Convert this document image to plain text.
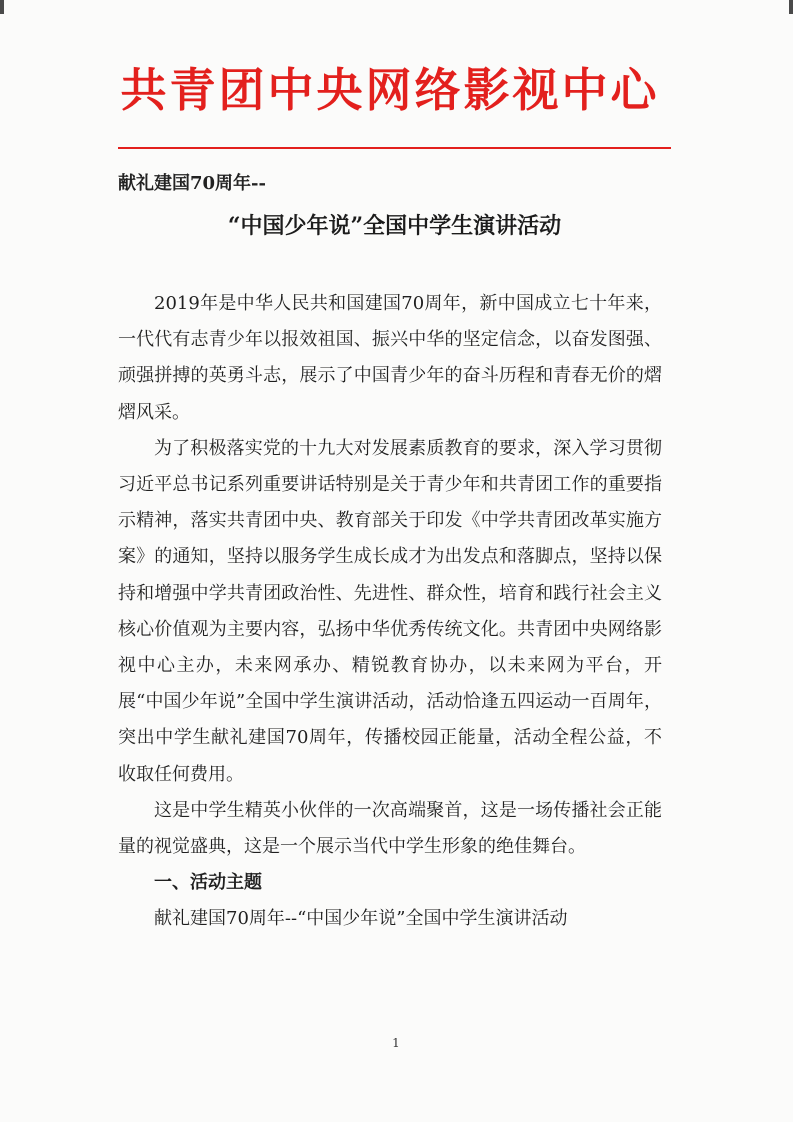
共青团中央网络影视中心
献礼建国70周年--
“中国少年说”全国中学生演讲活动

2019年是中华人民共和国建国70周年，新中国成立七十年来，一代代有志青少年以报效祖国、振兴中华的坚定信念，以奋发图强、顽强拼搏的英勇斗志，展示了中国青少年的奋斗历程和青春无价的熠熠风采。

为了积极落实党的十九大对发展素质教育的要求，深入学习贯彻习近平总书记系列重要讲话特别是关于青少年和共青团工作的重要指示精神，落实共青团中央、教育部关于印发《中学共青团改革实施方案》的通知，坚持以服务学生成长成才为出发点和落脚点，坚持以保持和增强中学共青团政治性、先进性、群众性，培育和践行社会主义核心价值观为主要内容，弘扬中华优秀传统文化。共青团中央网络影视中心主办，未来网承办、精锐教育协办，以未来网为平台，开展“中国少年说”全国中学生演讲活动，活动恰逢五四运动一百周年，突出中学生献礼建国70周年，传播校园正能量，活动全程公益，不收取任何费用。

这是中学生精英小伙伴的一次高端聚首，这是一场传播社会正能量的视觉盛典，这是一个展示当代中学生形象的绝佳舞台。

一、活动主题

献礼建国70周年--“中国少年说”全国中学生演讲活动

1
